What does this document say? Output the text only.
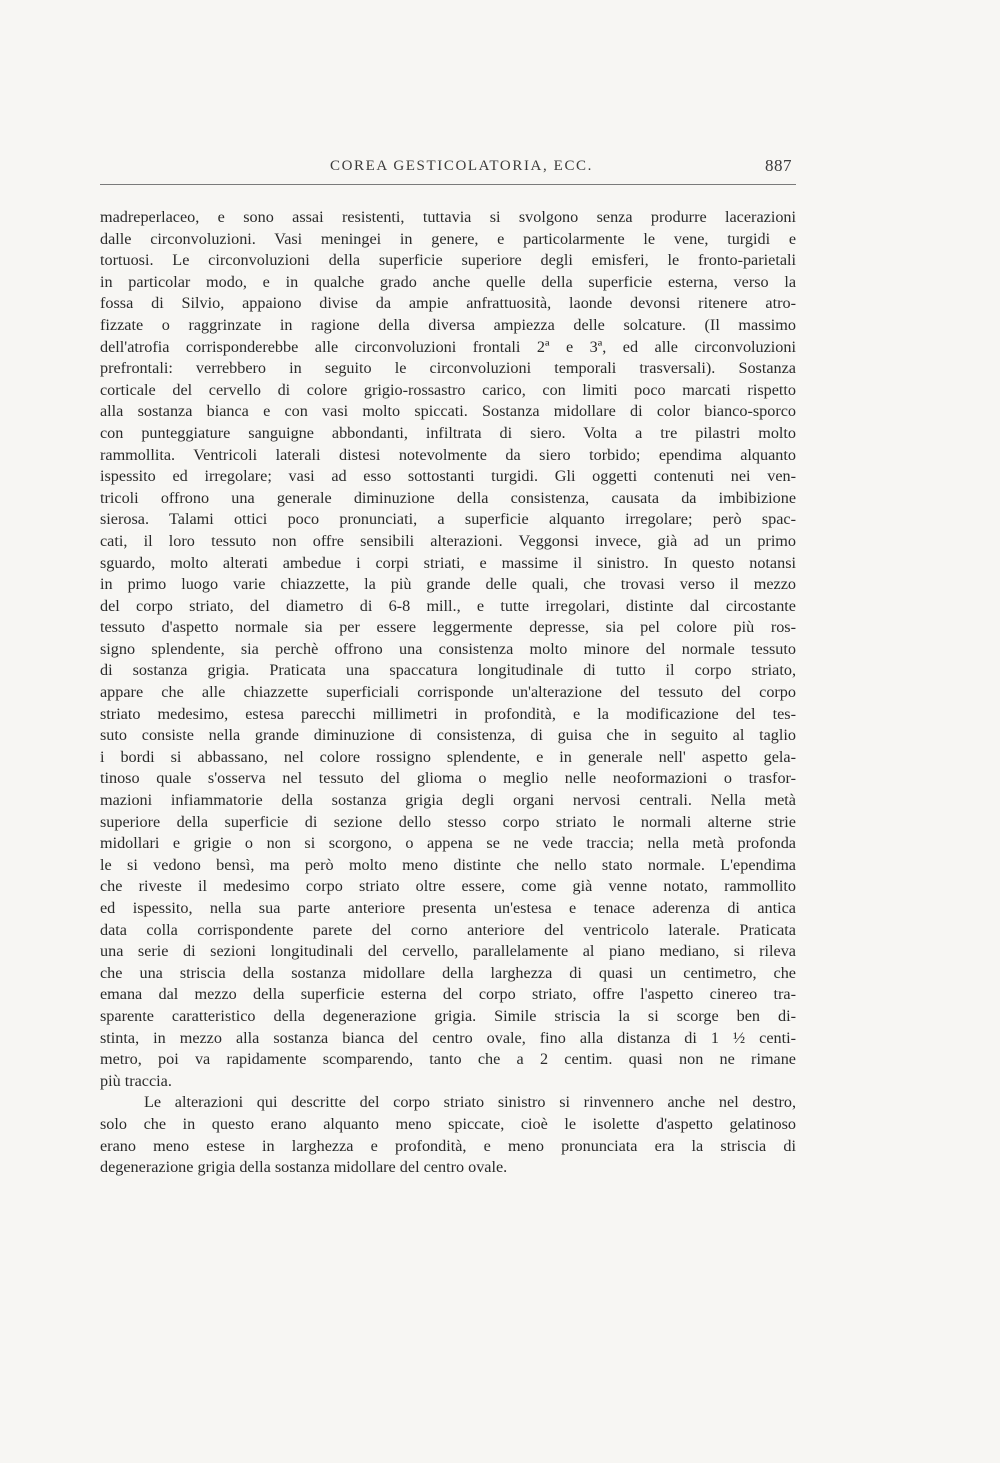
COREA GESTICOLATORIA, ECC.	887
madreperlaceo, e sono assai resistenti, tuttavia si svolgono senza produrre lacerazioni
dalle circonvoluzioni. Vasi meningei in genere, e particolarmente le vene, turgidi e
tortuosi. Le circonvoluzioni della superficie superiore degli emisferi, le fronto-parietali
in particolar modo, e in qualche grado anche quelle della superficie esterna, verso la
fossa di Silvio, appaiono divise da ampie anfrattuosità, laonde devonsi ritenere atro-
fizzate o raggrinzate in ragione della diversa ampiezza delle solcature. (Il massimo
dell'atrofia corrisponderebbe alle circonvoluzioni frontali 2ª e 3ª, ed alle circonvoluzioni
prefrontali: verrebbero in seguito le circonvoluzioni temporali trasversali). Sostanza
corticale del cervello di colore grigio-rossastro carico, con limiti poco marcati rispetto
alla sostanza bianca e con vasi molto spiccati. Sostanza midollare di color bianco-sporco
con punteggiature sanguigne abbondanti, infiltrata di siero. Volta a tre pilastri molto
rammollita. Ventricoli laterali distesi notevolmente da siero torbido; ependima alquanto
ispessito ed irregolare; vasi ad esso sottostanti turgidi. Gli oggetti contenuti nei ven-
tricoli offrono una generale diminuzione della consistenza, causata da imbibizione
sierosa. Talami ottici poco pronunciati, a superficie alquanto irregolare; però spac-
cati, il loro tessuto non offre sensibili alterazioni. Veggonsi invece, già ad un primo
sguardo, molto alterati ambedue i corpi striati, e massime il sinistro. In questo notansi
in primo luogo varie chiazzette, la più grande delle quali, che trovasi verso il mezzo
del corpo striato, del diametro di 6-8 mill., e tutte irregolari, distinte dal circostante
tessuto d'aspetto normale sia per essere leggermente depresse, sia pel colore più ros-
signo splendente, sia perchè offrono una consistenza molto minore del normale tessuto
di sostanza grigia. Praticata una spaccatura longitudinale di tutto il corpo striato,
appare che alle chiazzette superficiali corrisponde un'alterazione del tessuto del corpo
striato medesimo, estesa parecchi millimetri in profondità, e la modificazione del tes-
suto consiste nella grande diminuzione di consistenza, di guisa che in seguito al taglio
i bordi si abbassano, nel colore rossigno splendente, e in generale nell' aspetto gela-
tinoso quale s'osserva nel tessuto del glioma o meglio nelle neoformazioni o trasfor-
mazioni infiammatorie della sostanza grigia degli organi nervosi centrali. Nella metà
superiore della superficie di sezione dello stesso corpo striato le normali alterne strie
midollari e grigie o non si scorgono, o appena se ne vede traccia; nella metà profonda
le si vedono bensì, ma però molto meno distinte che nello stato normale. L'ependima
che riveste il medesimo corpo striato oltre essere, come già venne notato, rammollito
ed ispessito, nella sua parte anteriore presenta un'estesa e tenace aderenza di antica
data colla corrispondente parete del corno anteriore del ventricolo laterale. Praticata
una serie di sezioni longitudinali del cervello, parallelamente al piano mediano, si rileva
che una striscia della sostanza midollare della larghezza di quasi un centimetro, che
emana dal mezzo della superficie esterna del corpo striato, offre l'aspetto cinereo tra-
sparente caratteristico della degenerazione grigia. Simile striscia la si scorge ben di-
stinta, in mezzo alla sostanza bianca del centro ovale, fino alla distanza di 1 ½ centi-
metro, poi va rapidamente scomparendo, tanto che a 2 centim. quasi non ne rimane
più traccia.
Le alterazioni qui descritte del corpo striato sinistro si rinvennero anche nel destro,
solo che in questo erano alquanto meno spiccate, cioè le isolette d'aspetto gelatinoso
erano meno estese in larghezza e profondità, e meno pronunciata era la striscia di
degenerazione grigia della sostanza midollare del centro ovale.
